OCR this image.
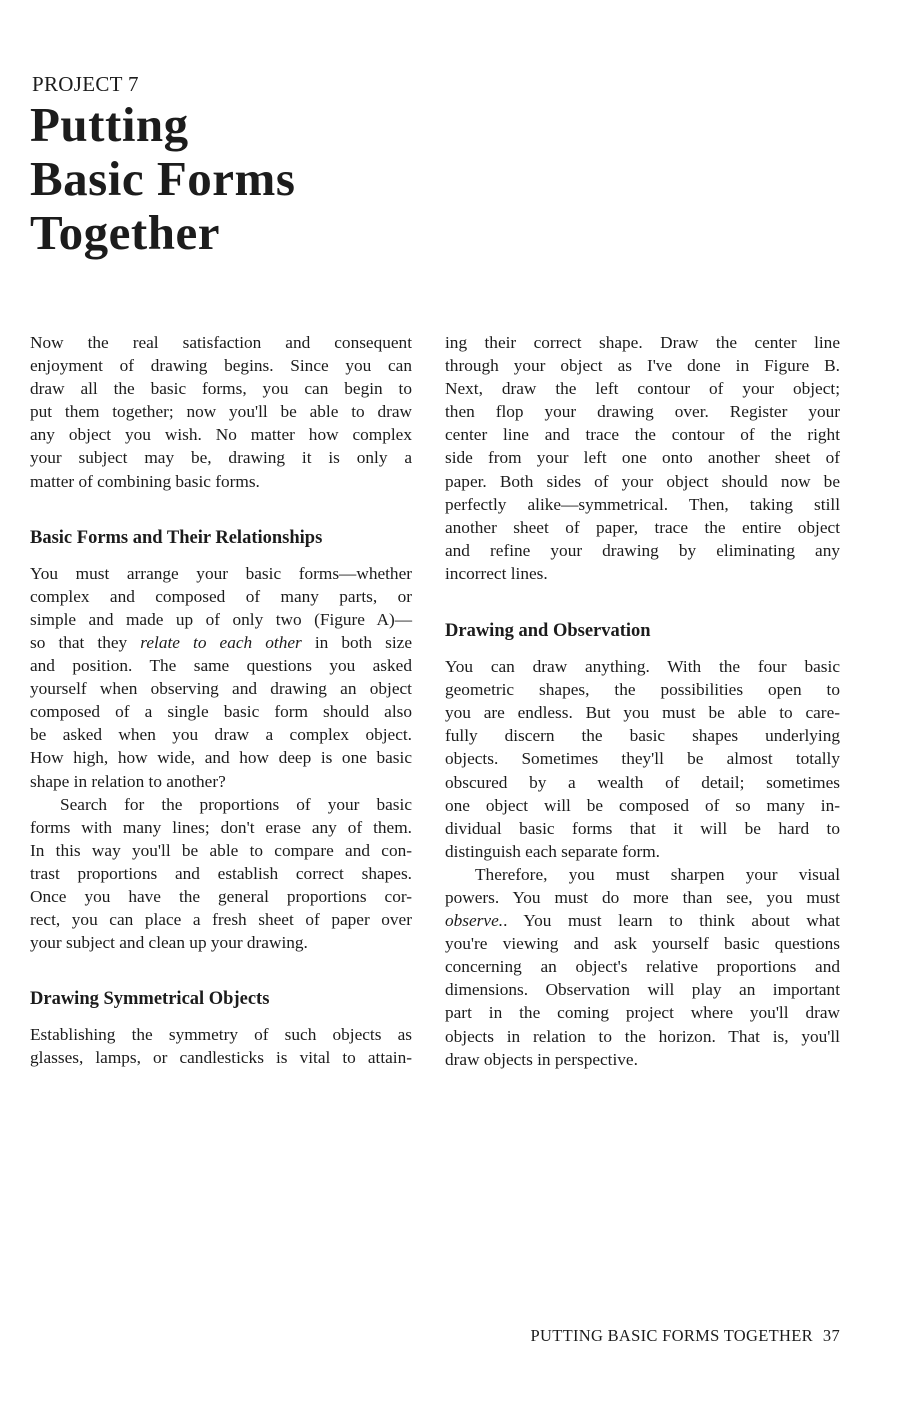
PROJECT 7
Putting
Basic Forms
Together
Now the real satisfaction and consequent
enjoyment of drawing begins. Since you can
draw all the basic forms, you can begin to
put them together; now you'll be able to draw
any object you wish. No matter how complex
your subject may be, drawing it is only a
matter of combining basic forms.
Basic Forms and Their Relationships
You must arrange your basic forms—whether
complex and composed of many parts, or
simple and made up of only two (Figure A)—
so that they relate to each other in both size
and position. The same questions you asked
yourself when observing and drawing an object
composed of a single basic form should also
be asked when you draw a complex object.
How high, how wide, and how deep is one basic
shape in relation to another?
Search for the proportions of your basic
forms with many lines; don't erase any of them.
In this way you'll be able to compare and con-
trast proportions and establish correct shapes.
Once you have the general proportions cor-
rect, you can place a fresh sheet of paper over
your subject and clean up your drawing.
Drawing Symmetrical Objects
Establishing the symmetry of such objects as
glasses, lamps, or candlesticks is vital to attain-
ing their correct shape. Draw the center line
through your object as I've done in Figure B.
Next, draw the left contour of your object;
then flop your drawing over. Register your
center line and trace the contour of the right
side from your left one onto another sheet of
paper. Both sides of your object should now be
perfectly alike—symmetrical. Then, taking still
another sheet of paper, trace the entire object
and refine your drawing by eliminating any
incorrect lines.
Drawing and Observation
You can draw anything. With the four basic
geometric shapes, the possibilities open to
you are endless. But you must be able to care-
fully discern the basic shapes underlying
objects. Sometimes they'll be almost totally
obscured by a wealth of detail; sometimes
one object will be composed of so many in-
dividual basic forms that it will be hard to
distinguish each separate form.
Therefore, you must sharpen your visual
powers. You must do more than see, you must
observe.. You must learn to think about what
you're viewing and ask yourself basic questions
concerning an object's relative proportions and
dimensions. Observation will play an important
part in the coming project where you'll draw
objects in relation to the horizon. That is, you'll
draw objects in perspective.
PUTTING BASIC FORMS TOGETHER 37
